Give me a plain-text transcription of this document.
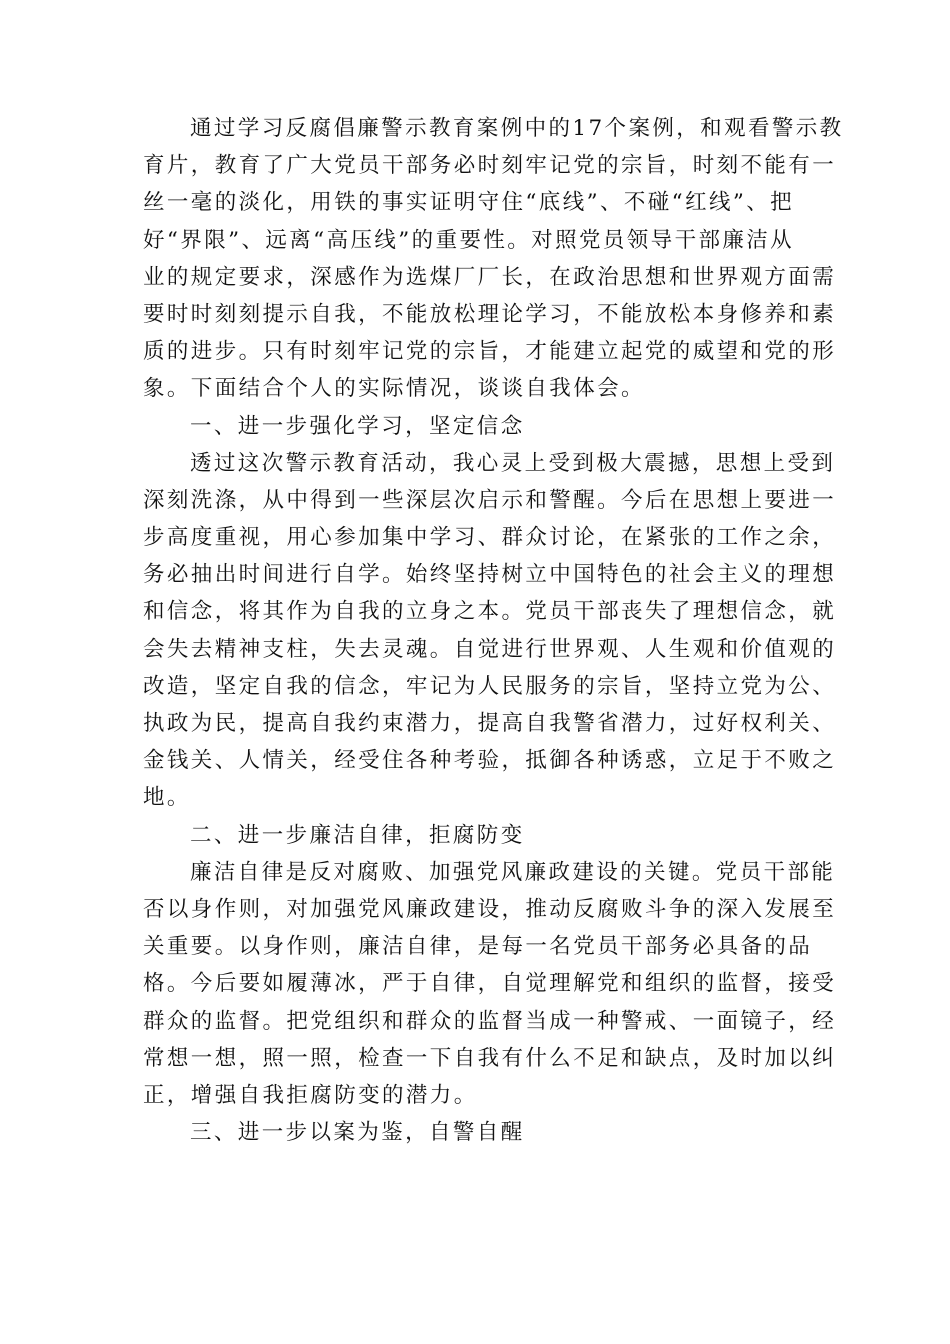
通过学习反腐倡廉警示教育案例中的17个案例，和观看警示教
育片，教育了广大党员干部务必时刻牢记党的宗旨，时刻不能有一
丝一毫的淡化，用铁的事实证明守住“底线”、不碰“红线”、把
好“界限”、远离“高压线”的重要性。对照党员领导干部廉洁从
业的规定要求，深感作为选煤厂厂长，在政治思想和世界观方面需
要时时刻刻提示自我，不能放松理论学习，不能放松本身修养和素
质的进步。只有时刻牢记党的宗旨，才能建立起党的威望和党的形
象。下面结合个人的实际情况，谈谈自我体会。
一、进一步强化学习，坚定信念
透过这次警示教育活动，我心灵上受到极大震撼，思想上受到
深刻洗涤，从中得到一些深层次启示和警醒。今后在思想上要进一
步高度重视，用心参加集中学习、群众讨论，在紧张的工作之余，
务必抽出时间进行自学。始终坚持树立中国特色的社会主义的理想
和信念，将其作为自我的立身之本。党员干部丧失了理想信念，就
会失去精神支柱，失去灵魂。自觉进行世界观、人生观和价值观的
改造，坚定自我的信念，牢记为人民服务的宗旨，坚持立党为公、
执政为民，提高自我约束潜力，提高自我警省潜力，过好权利关、
金钱关、人情关，经受住各种考验，抵御各种诱惑，立足于不败之
地。
二、进一步廉洁自律，拒腐防变
廉洁自律是反对腐败、加强党风廉政建设的关键。党员干部能
否以身作则，对加强党风廉政建设，推动反腐败斗争的深入发展至
关重要。以身作则，廉洁自律，是每一名党员干部务必具备的品
格。今后要如履薄冰，严于自律，自觉理解党和组织的监督，接受
群众的监督。把党组织和群众的监督当成一种警戒、一面镜子，经
常想一想，照一照，检查一下自我有什么不足和缺点，及时加以纠
正，增强自我拒腐防变的潜力。
三、进一步以案为鉴，自警自醒
